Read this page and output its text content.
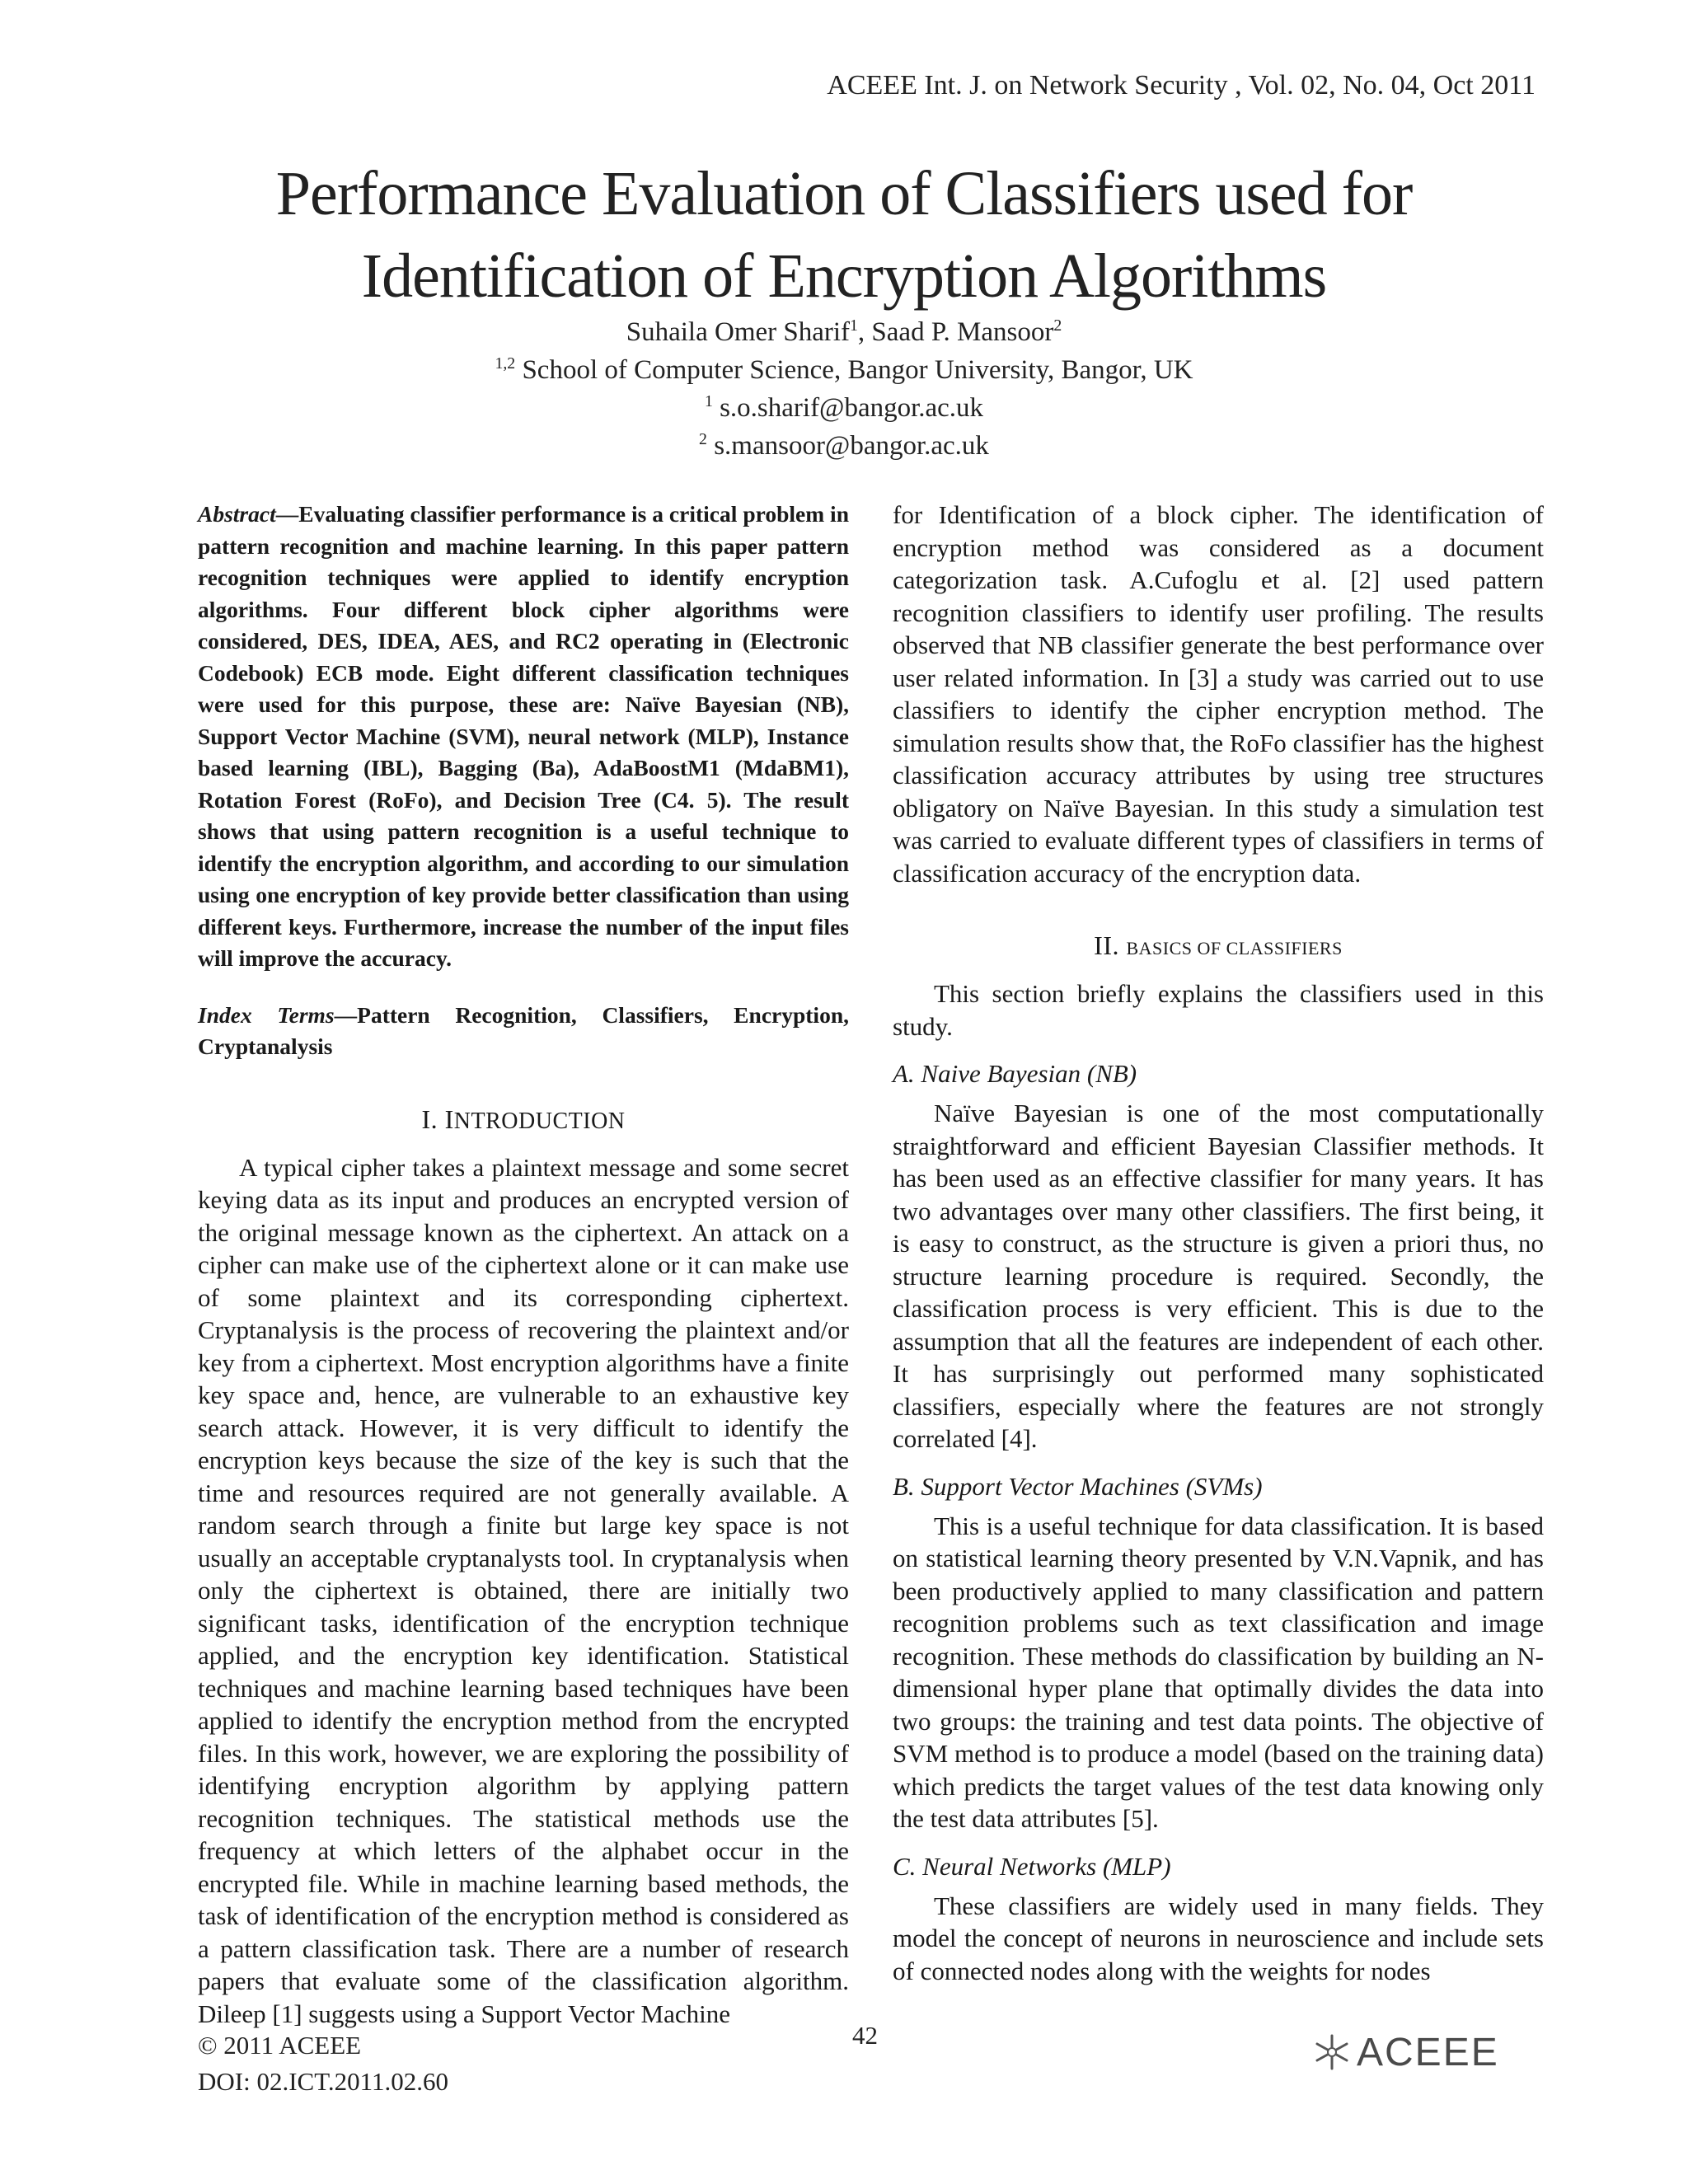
ACEEE Int. J. on Network Security , Vol. 02, No. 04, Oct 2011
Performance Evaluation of Classifiers used for
Identification of Encryption Algorithms
Suhaila Omer Sharif$^1$, Saad P. Mansoor$^2$
$^{1,2}$ School of Computer Science, Bangor University, Bangor, UK
$^1$ s.o.sharif@bangor.ac.uk
$^2$ s.mansoor@bangor.ac.uk

Abstract—Evaluating classifier performance is a critical problem in pattern recognition and machine learning. In this paper pattern recognition techniques were applied to identify encryption algorithms. Four different block cipher algorithms were considered, DES, IDEA, AES, and RC2 operating in (Electronic Codebook) ECB mode. Eight different classification techniques were used for this purpose, these are: Naïve Bayesian (NB), Support Vector Machine (SVM), neural network (MLP), Instance based learning (IBL), Bagging (Ba), AdaBoostM1 (MdaBM1), Rotation Forest (RoFo), and Decision Tree (C4. 5). The result shows that using pattern recognition is a useful technique to identify the encryption algorithm, and according to our simulation using one encryption of key provide better classification than using different keys. Furthermore, increase the number of the input files will improve the accuracy.

Index Terms—Pattern Recognition, Classifiers, Encryption, Cryptanalysis

I. INTRODUCTION

A typical cipher takes a plaintext message and some secret keying data as its input and produces an encrypted version of the original message known as the ciphertext. An attack on a cipher can make use of the ciphertext alone or it can make use of some plaintext and its corresponding ciphertext. Cryptanalysis is the process of recovering the plaintext and/or key from a ciphertext. Most encryption algorithms have a finite key space and, hence, are vulnerable to an exhaustive key search attack. However, it is very difficult to identify the encryption keys because the size of the key is such that the time and resources required are not generally available. A random search through a finite but large key space is not usually an acceptable cryptanalysts tool. In cryptanalysis when only the ciphertext is obtained, there are initially two significant tasks, identification of the encryption technique applied, and the encryption key identification. Statistical techniques and machine learning based techniques have been applied to identify the encryption method from the encrypted files. In this work, however, we are exploring the possibility of identifying encryption algorithm by applying pattern recognition techniques. The statistical methods use the frequency at which letters of the alphabet occur in the encrypted file. While in machine learning based methods, the task of identification of the encryption method is considered as a pattern classification task. There are a number of research papers that evaluate some of the classification algorithm. Dileep [1] suggests using a Support Vector Machine

for Identification of a block cipher. The identification of encryption method was considered as a document categorization task. A.Cufoglu et al. [2] used pattern recognition classifiers to identify user profiling. The results observed that NB classifier generate the best performance over user related information. In [3] a study was carried out to use classifiers to identify the cipher encryption method. The simulation results show that, the RoFo classifier has the highest classification accuracy attributes by using tree structures obligatory on Naïve Bayesian. In this study a simulation test was carried to evaluate different types of classifiers in terms of classification accuracy of the encryption data.

II. BASICS OF CLASSIFIERS

This section briefly explains the classifiers used in this study.

A. Naive Bayesian (NB)

Naïve Bayesian is one of the most computationally straightforward and efficient Bayesian Classifier methods. It has been used as an effective classifier for many years. It has two advantages over many other classifiers. The first being, it is easy to construct, as the structure is given a priori thus, no structure learning procedure is required. Secondly, the classification process is very efficient. This is due to the assumption that all the features are independent of each other. It has surprisingly out performed many sophisticated classifiers, especially where the features are not strongly correlated [4].

B. Support Vector Machines (SVMs)

This is a useful technique for data classification. It is based on statistical learning theory presented by V.N.Vapnik, and has been productively applied to many classification and pattern recognition problems such as text classification and image recognition. These methods do classification by building an N-dimensional hyper plane that optimally divides the data into two groups: the training and test data points. The objective of SVM method is to produce a model (based on the training data) which predicts the target values of the test data knowing only the test data attributes [5].

C. Neural Networks (MLP)

These classifiers are widely used in many fields. They model the concept of neurons in neuroscience and include sets of connected nodes along with the weights for nodes

42
© 2011 ACEEE
DOI: 02.ICT.2011.02.60
ACEEE
